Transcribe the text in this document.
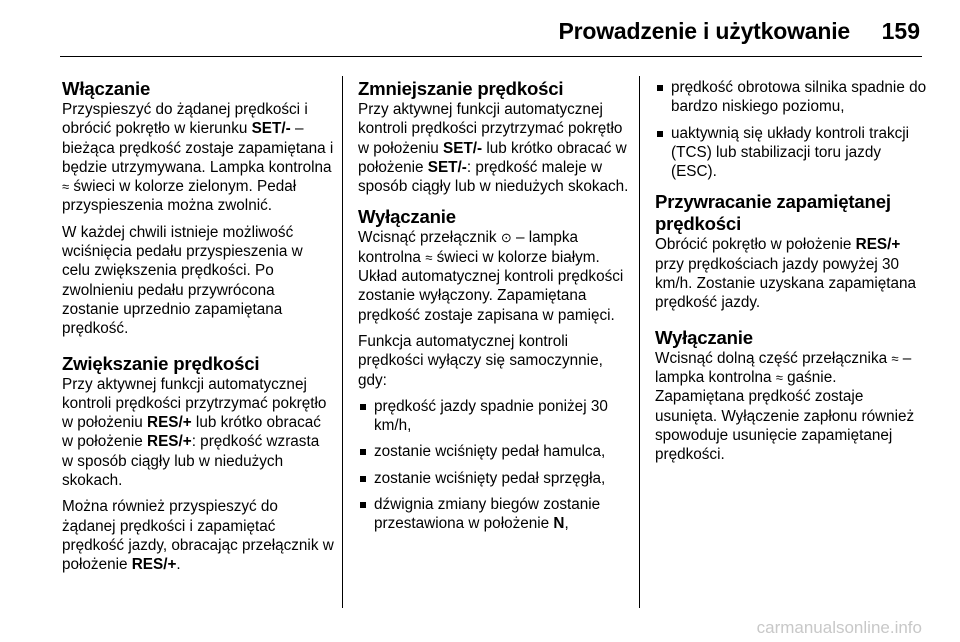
Prowadzenie i użytkowanie 159
Włączanie

Przyspieszyć do żądanej prędkości i obrócić pokrętło w kierunku SET/- – bieżąca prędkość zostaje zapamiętana i będzie utrzymywana. Lampka kontrolna ≈ świeci w kolorze zielonym. Pedał przyspieszenia można zwolnić.

W każdej chwili istnieje możliwość wciśnięcia pedału przyspieszenia w celu zwiększenia prędkości. Po zwolnieniu pedału przywrócona zostanie uprzednio zapamiętana prędkość.

Zwiększanie prędkości

Przy aktywnej funkcji automatycznej kontroli prędkości przytrzymać pokrętło w położeniu RES/+ lub krótko obracać w położenie RES/+: prędkość wzrasta w sposób ciągły lub w niedużych skokach.

Można również przyspieszyć do żądanej prędkości i zapamiętać prędkość jazdy, obracając przełącznik w położenie RES/+.

Zmniejszanie prędkości

Przy aktywnej funkcji automatycznej kontroli prędkości przytrzymać pokrętło w położeniu SET/- lub krótko obracać w położenie SET/-: prędkość maleje w sposób ciągły lub w niedużych skokach.

Wyłączanie

Wcisnąć przełącznik ⊙ – lampka kontrolna ≈ świeci w kolorze białym. Układ automatycznej kontroli prędkości zostanie wyłączony. Zapamiętana prędkość zostaje zapisana w pamięci.

Funkcja automatycznej kontroli prędkości wyłączy się samoczynnie, gdy:

prędkość jazdy spadnie poniżej 30 km/h,
zostanie wciśnięty pedał hamulca,
zostanie wciśnięty pedał sprzęgła,
dźwignia zmiany biegów zostanie przestawiona w położenie N,
prędkość obrotowa silnika spadnie do bardzo niskiego poziomu,
uaktywnią się układy kontroli trakcji (TCS) lub stabilizacji toru jazdy (ESC).
Przywracanie zapamiętanej prędkości

Obrócić pokrętło w położenie RES/+ przy prędkościach jazdy powyżej 30 km/h. Zostanie uzyskana zapamiętana prędkość jazdy.

Wyłączanie

Wcisnąć dolną część przełącznika ≈ – lampka kontrolna ≈ gaśnie. Zapamiętana prędkość zostaje usunięta. Wyłączenie zapłonu również spowoduje usunięcie zapamiętanej prędkości.

carmanualsonline.info
